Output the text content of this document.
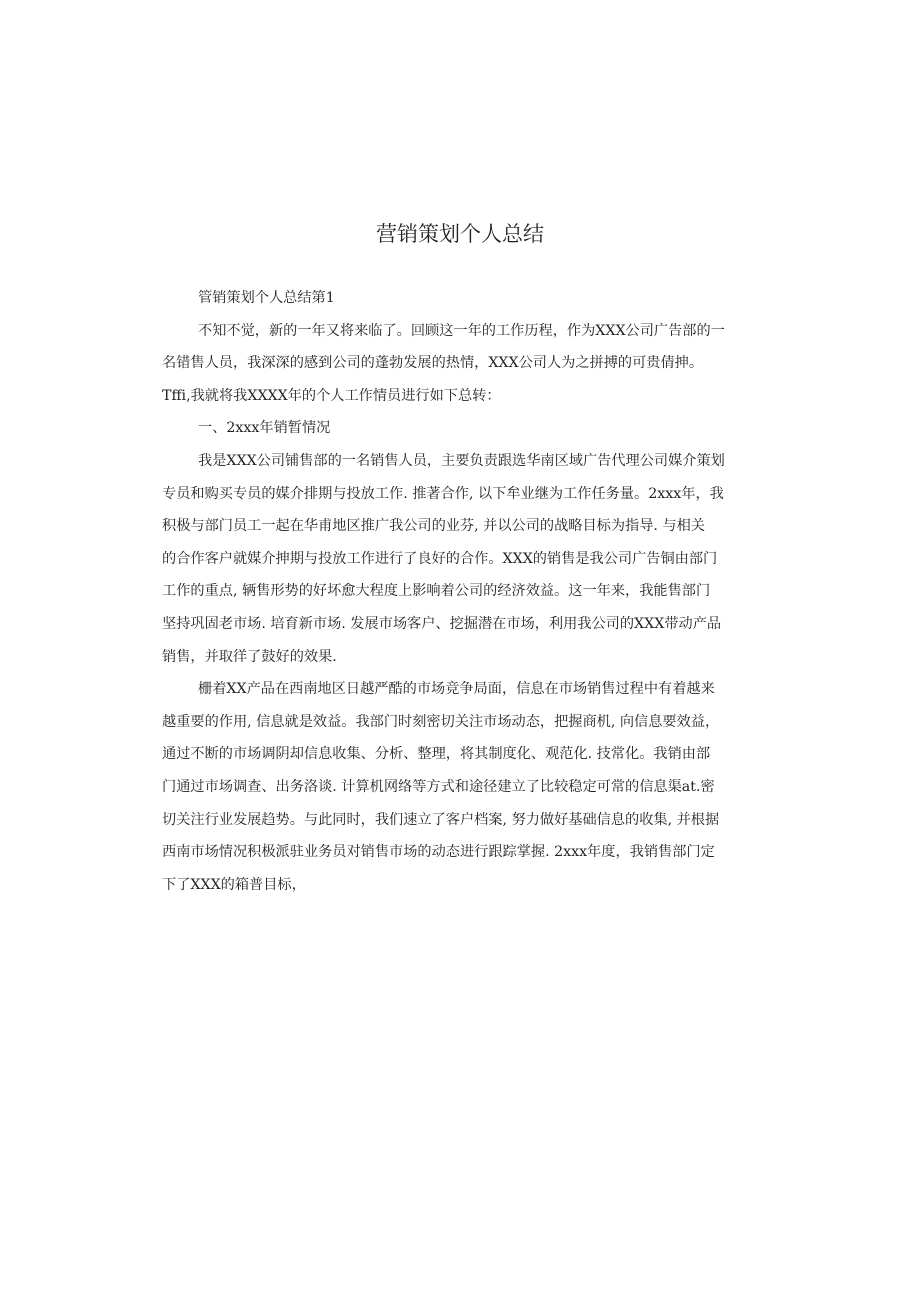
营销策划个人总结
管销策划个人总结第1
不知不觉，新的一年又将来临了。回顾这一年的工作历程，作为XXX公司广告部的一
名错售人员，我深深的感到公司的蓬勃发展的热情，XXX公司人为之拼搏的可贵倩抻。
Tffi,我就将我XXXX年的个人工作情员进行如下总转：
一、2xxx年销暂情况
我是XXX公司铺售部的一名销售人员，主要负责跟选华南区域广告代理公司媒介策划
专员和购买专员的媒介排期与投放工作. 推著合作, 以下牟业继为工作任务量。2xxx年，我
积极与部门员工一起在华甫地区推广我公司的业芬, 并以公司的战略目标为指导. 与相关
的合作客户就媒介抻期与投放工作进行了良好的合作。XXX的销售是我公司广告铜由部门
工作的重点, 辆售形势的好坏愈大程度上影响着公司的经济效益。这一年来，我能售部门
坚持巩固老市场. 培育新市场. 发展市场客户、挖掘潜在市场，利用我公司的XXX带动产品
销售，并取徉了鼓好的效果.
栅着XX产品在西南地区日越严酷的市场竞争局面，信息在市场销售过程中有着越来
越重要的作用, 信息就是效益。我部门时刻密切关注市场动态，把握商机, 向信息要效益，
通过不断的市场调阴却信息收集、分析、整理，将其制度化、观范化. 技常化。我销由部
门通过市场调查、出务洛谈. 计算机网络等方式和途径建立了比较稳定可常的信息渠at.密
切关注行业发展趋势。与此同时，我们速立了客户档案, 努力做好基础信息的收集, 并根据
西南市场情况积极派驻业务员对销售市场的动态进行跟踪掌握. 2xxx年度，我销售部门定
下了XXX的箱普目标，
